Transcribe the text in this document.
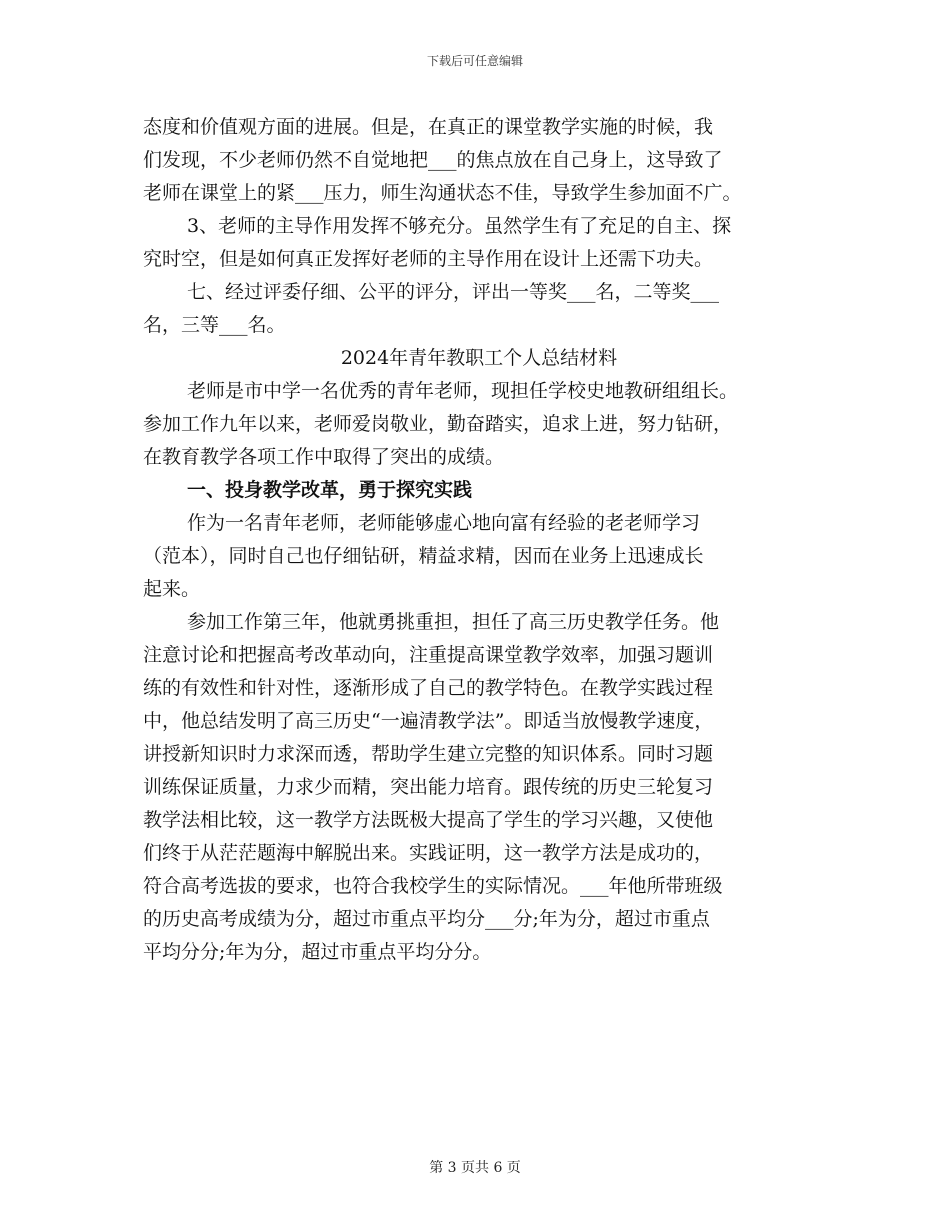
下载后可任意编辑
态度和价值观方面的进展。但是，在真正的课堂教学实施的时候，我
们发现，不少老师仍然不自觉地把___的焦点放在自己身上，这导致了
老师在课堂上的紧___压力，师生沟通状态不佳，导致学生参加面不广。
3、老师的主导作用发挥不够充分。虽然学生有了充足的自主、探
究时空，但是如何真正发挥好老师的主导作用在设计上还需下功夫。
七、经过评委仔细、公平的评分，评出一等奖___名，二等奖___
名，三等___名。
2024年青年教职工个人总结材料
老师是市中学一名优秀的青年老师，现担任学校史地教研组组长。
参加工作九年以来，老师爱岗敬业，勤奋踏实，追求上进，努力钻研，
在教育教学各项工作中取得了突出的成绩。
一、投身教学改革，勇于探究实践
作为一名青年老师，老师能够虚心地向富有经验的老老师学习
（范本），同时自己也仔细钻研，精益求精，因而在业务上迅速成长
起来。
参加工作第三年，他就勇挑重担，担任了高三历史教学任务。他
注意讨论和把握高考改革动向，注重提高课堂教学效率，加强习题训
练的有效性和针对性，逐渐形成了自己的教学特色。在教学实践过程
中，他总结发明了高三历史“一遍清教学法”。即适当放慢教学速度，
讲授新知识时力求深而透，帮助学生建立完整的知识体系。同时习题
训练保证质量，力求少而精，突出能力培育。跟传统的历史三轮复习
教学法相比较，这一教学方法既极大提高了学生的学习兴趣，又使他
们终于从茫茫题海中解脱出来。实践证明，这一教学方法是成功的，
符合高考选拔的要求，也符合我校学生的实际情况。___年他所带班级
的历史高考成绩为分，超过市重点平均分___分;年为分，超过市重点
平均分分;年为分，超过市重点平均分分。
第 3 页共 6 页
